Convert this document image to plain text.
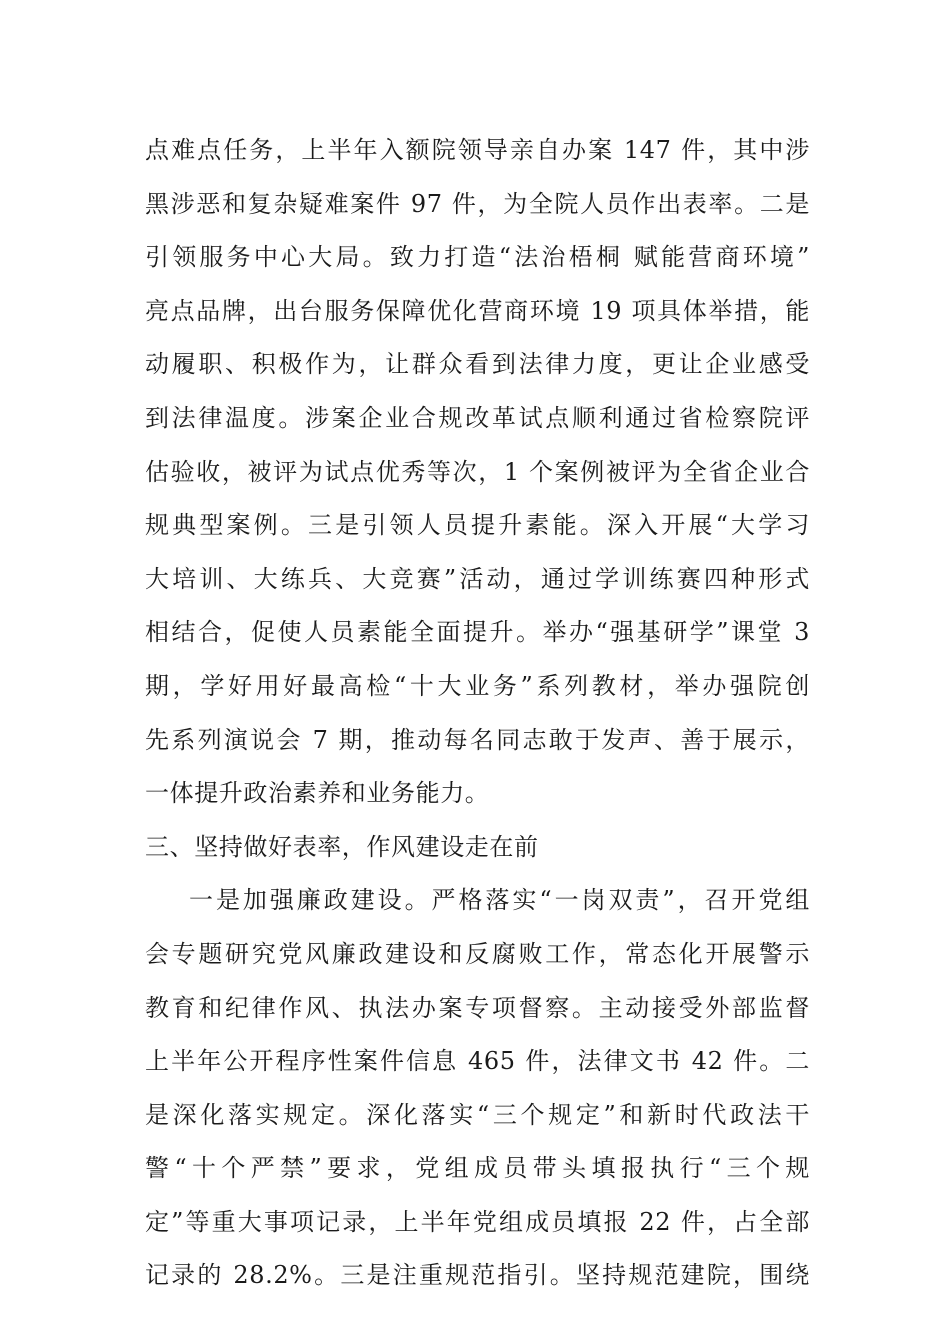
点难点任务，上半年入额院领导亲自办案 147 件，其中涉
黑涉恶和复杂疑难案件 97 件，为全院人员作出表率。二是
引领服务中心大局。致力打造“法治梧桐 赋能营商环境”
亮点品牌，出台服务保障优化营商环境 19 项具体举措，能
动履职、积极作为，让群众看到法律力度，更让企业感受
到法律温度。涉案企业合规改革试点顺利通过省检察院评
估验收，被评为试点优秀等次，1 个案例被评为全省企业合
规典型案例。三是引领人员提升素能。深入开展“大学习
大培训、大练兵、大竞赛”活动，通过学训练赛四种形式
相结合，促使人员素能全面提升。举办“强基研学”课堂 3
期，学好用好最高检“十大业务”系列教材，举办强院创
先系列演说会 7 期，推动每名同志敢于发声、善于展示，
一体提升政治素养和业务能力。
三、坚持做好表率，作风建设走在前
一是加强廉政建设。严格落实“一岗双责”，召开党组
会专题研究党风廉政建设和反腐败工作，常态化开展警示
教育和纪律作风、执法办案专项督察。主动接受外部监督
上半年公开程序性案件信息 465 件，法律文书 42 件。二
是深化落实规定。深化落实“三个规定”和新时代政法干
警“十个严禁”要求，党组成员带头填报执行“三个规
定”等重大事项记录，上半年党组成员填报 22 件，占全部
记录的 28.2%。三是注重规范指引。坚持规范建院，围绕
